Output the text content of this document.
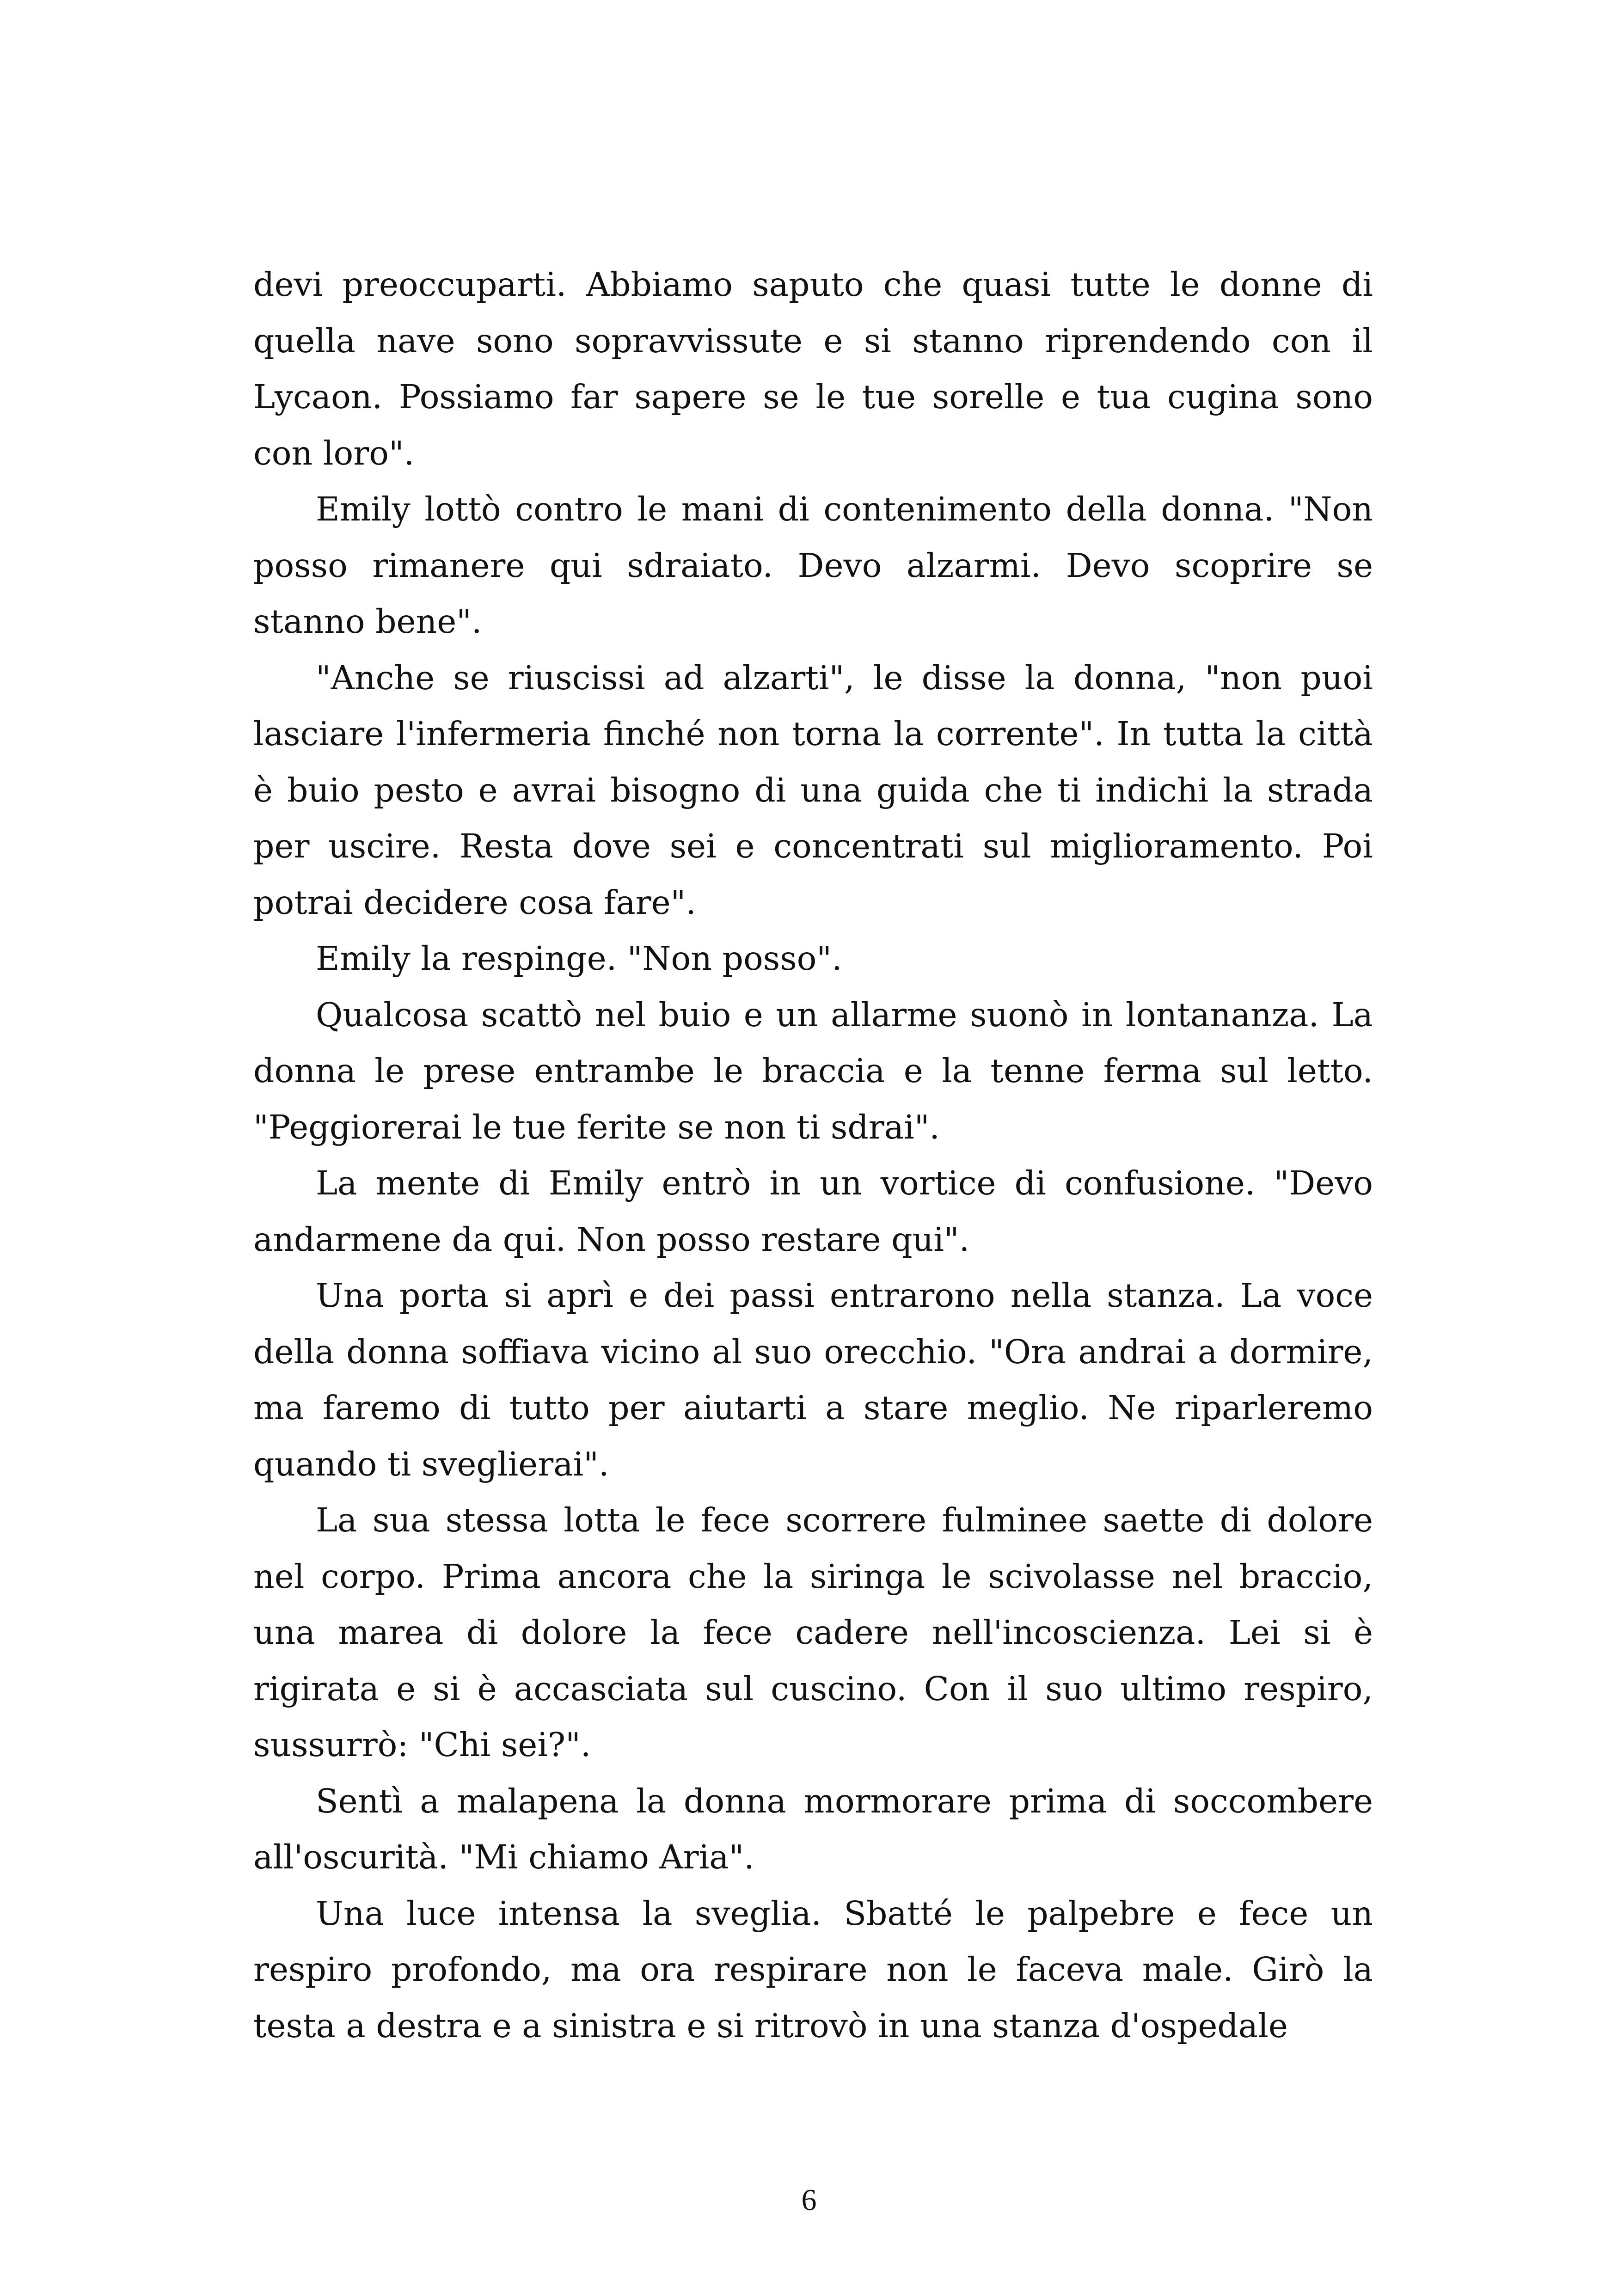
devi preoccuparti. Abbiamo saputo che quasi tutte le donne di quella nave sono sopravvissute e si stanno riprendendo con il Lycaon. Possiamo far sapere se le tue sorelle e tua cugina sono con loro".

Emily lottò contro le mani di contenimento della donna. "Non posso rimanere qui sdraiato. Devo alzarmi. Devo scoprire se stanno bene".

"Anche se riuscissi ad alzarti", le disse la donna, "non puoi lasciare l'infermeria finché non torna la corrente". In tutta la città è buio pesto e avrai bisogno di una guida che ti indichi la strada per uscire. Resta dove sei e concentrati sul miglioramento. Poi potrai decidere cosa fare".

Emily la respinge. "Non posso".

Qualcosa scattò nel buio e un allarme suonò in lontananza. La donna le prese entrambe le braccia e la tenne ferma sul letto. "Peggiorerai le tue ferite se non ti sdrai".

La mente di Emily entrò in un vortice di confusione. "Devo andarmene da qui. Non posso restare qui".

Una porta si aprì e dei passi entrarono nella stanza. La voce della donna soffiava vicino al suo orecchio. "Ora andrai a dormire, ma faremo di tutto per aiutarti a stare meglio. Ne riparleremo quando ti sveglierai".

La sua stessa lotta le fece scorrere fulminee saette di dolore nel corpo. Prima ancora che la siringa le scivolasse nel braccio, una marea di dolore la fece cadere nell'incoscienza. Lei si è rigirata e si è accasciata sul cuscino. Con il suo ultimo respiro, sussurrò: "Chi sei?".

Sentì a malapena la donna mormorare prima di soccombere all'oscurità. "Mi chiamo Aria".

Una luce intensa la sveglia. Sbatté le palpebre e fece un respiro profondo, ma ora respirare non le faceva male. Girò la testa a destra e a sinistra e si ritrovò in una stanza d'ospedale

6
